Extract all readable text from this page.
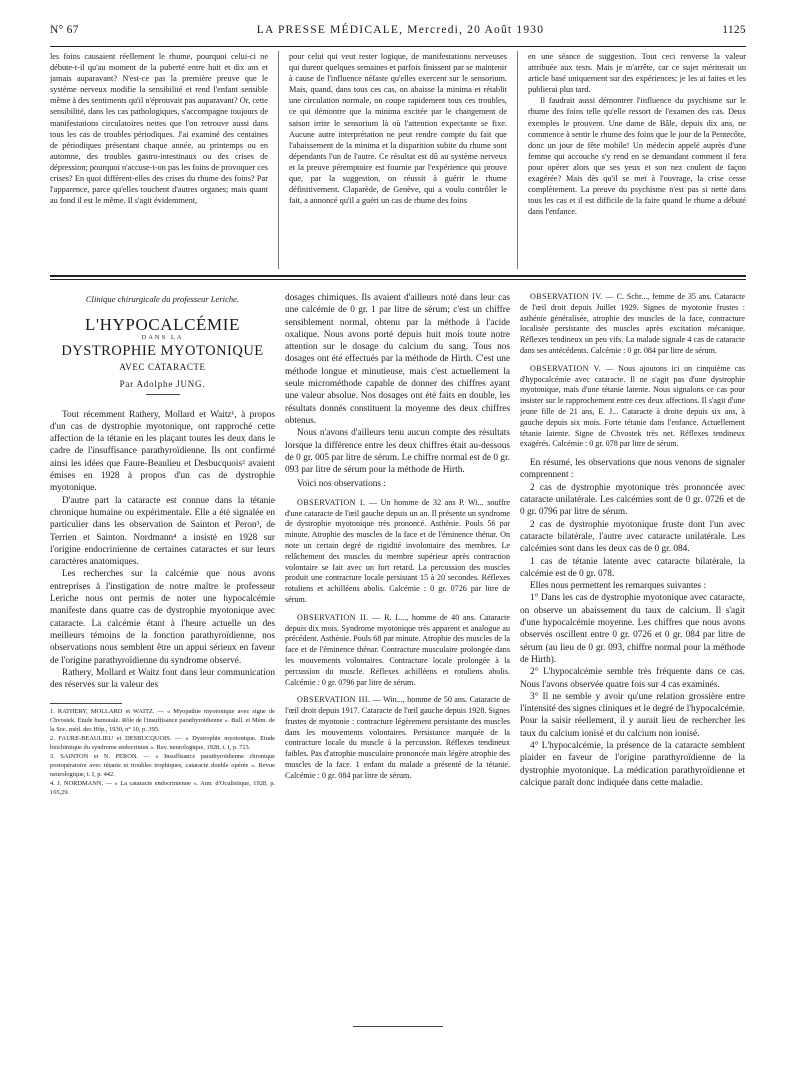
N° 67	LA PRESSE MÉDICALE, Mercredi, 20 Août 1930	1125

les foins causaient réellement le rhume, pourquoi celui-ci ne débute-t-il qu'au moment de la puberté entre huit et dix ans et jamais auparavant? N'est-ce pas la première preuve que le système nerveux modifie la sensibilité et rend l'enfant sensible même à des sentiments qu'il n'éprouvait pas auparavant? Or, cette sensibilité, dans les cas pathologiques, s'accompagne toujours de manifestations circulatoires nettes que l'on retrouve aussi dans tous les cas de troubles périodiques. J'ai examiné des centaines de périodiques présentant chaque année, au printemps ou en automne, des troubles gastro-intestinaux ou des crises de dépression; pourquoi n'accuse-t-on pas les foins de provoquer ces crises? En quoi diffèrent-elles des crises du rhume des foins? Par l'apparence, parce qu'elles touchent d'autres organes; mais quant au fond il est le même. Il s'agit évidemment,

pour celui qui veut rester logique, de manifestations nerveuses qui durent quelques semaines et parfois finissent par se maintenir à cause de l'influence néfaste qu'elles exercent sur le sensorium. Mais, quand, dans tous ces cas, on abaisse la minima et rétablit une circulation normale, on coupe rapidement tous ces troubles, ce qui démontre que la minima excitée par le changement de saison irrite le sensorium là où l'attention expectante se fixe. Aucune autre interprétation ne peut rendre compte du fait que l'abaissement de la minima et la disparition subite du rhume sont dépendants l'un de l'autre. Ce résultat est dû au système nerveux et la preuve péremptoire est fournie par l'expérience qui prouve que, par la suggestion, on réussit à guérir le rhume définitivement. Claparède, de Genève, qui a voulu contrôler le fait, a annoncé qu'il a guéri un cas de rhume des foins

en une séance de suggestion. Tout ceci renverse la valeur attribuée aux tests. Mais je m'arrête, car ce sujet mériterait un article basé uniquement sur des expériences; je les ai faites et les publierai plus tard.

Il faudrait aussi démontrer l'influence du psychisme sur le rhume des foins telle qu'elle ressort de l'examen des cas. Deux exemples le prouvent. Une dame de Bâle, depuis dix ans, ne commence à sentir le rhume des foins que le jour de la Pentecôte, donc un jour de fête mobile! Un médecin appelé auprès d'une femme qui accouche s'y rend en se demandant comment il fera pour opérer alors que ses yeux et son nez coulent de façon exagérée? Mais dès qu'il se met à l'ouvrage, la crise cesse complètement. La preuve du psychisme n'est pas si nette dans tous les cas et il est difficile de la faire quand le rhume a débuté dans l'enfance.

Clinique chirurgicale du professeur Leriche.
L'HYPOCALCÉMIE
DANS LA
DYSTROPHIE MYOTONIQUE
AVEC CATARACTE
Par Adolphe JUNG.

Tout récemment Rathery, Mollard et Waitz¹, à propos d'un cas de dystrophie myotonique, ont rapproché cette affection de la tétanie en les plaçant toutes les deux dans le cadre de l'insuffisance parathyroïdienne. Ils ont confirmé ainsi les idées que Faure-Beaulieu et Desbucquois² avaient émises en 1928 à propos d'un cas de dystrophie myotonique.

D'autre part la cataracte est connue dans la tétanie chronique humaine ou expérimentale. Elle a été signalée en particulier dans les observation de Sainton et Peron³, de Terrien et Sainton. Nordmann⁴ a insisté en 1928 sur l'origine endocrinienne de certaines cataractes et sur leurs caractères anatomiques.

Les recherches sur la calcémie que nous avons entreprises à l'instigation de notre maître le professeur Leriche nous ont permis de noter une hypocalcémie manifeste dans quatre cas de dystrophie myotonique avec cataracte. La calcémie étant à l'heure actuelle un des meilleurs témoins de la fonction parathyroïdienne, nos observations nous semblent être un appui sérieux en faveur de l'origine parathyroïdienne du syndrome observé.

Rathery, Mollard et Waitz font dans leur communication des réserves sur la valeur des

1. RATHERY, MOLLARD et WAITZ. — « Myopathie myotonique avec signe de Chvostek. Etude humorale. Rôle de l'insuffisance parathyroïdienne ». Bull. et Mém. de la Soc. méd. des Hôp., 1930, n° 10, p. 395.

2. FAURE-BEAULIEU et DESBUCQUOIS. — « Dystrophie myotonique. Etude biochimique du syndrome endocrinien ». Rev. neurologique, 1928, t. I, p. 713.

3. SAINTON et N. PERON. — « Insuffisance parathyroïdienne chronique postopératoire avec tétanie et troubles trophiques, cataracte double opérée ». Revue neurologique, t. I, p. 442.

4. J. NORDMANN. — « La cataracte endocrinienne ». Ann. d'Oculistique, 1928, p. 165,29.

dosages chimiques. Ils avaient d'ailleurs noté dans leur cas une calcémie de 0 gr. 1 par litre de sérum; c'est un chiffre sensiblement normal, obtenu par la méthode à l'acide oxalique. Nous avons porté depuis huit mois toute notre attention sur le dosage du calcium du sang. Tous nos dosages ont été effectués par la méthode de Hirth. C'est une méthode longue et minutieuse, mais c'est actuellement la seule microméthode capable de donner des chiffres ayant une valeur absolue. Nos dosages ont été faits en double, les résultats donnés constituent la moyenne des deux chiffres obtenus.

Nous n'avons d'ailleurs tenu aucun compte des résultats lorsque la différence entre les deux chiffres était au-dessous de 0 gr. 005 par litre de sérum. Le chiffre normal est de 0 gr. 093 par litre de sérum pour la méthode de Hirth.

Voici nos observations :

OBSERVATION I. — Un homme de 32 ans P. Wi... souffre d'une cataracte de l'œil gauche depuis un an. Il présente un syndrome de dystrophie myotonique très prononcé. Asthénie. Pouls 56 par minute. Atrophie des muscles de la face et de l'éminence thénar. On note un certain degré de rigidité involontaire des membres. Le relâchement des muscles du membre supérieur après contraction volontaire se fait avec un fort retard. La percussion des muscles produit une contracture locale persistant 15 à 20 secondes. Réflexes rotuliens et achilléens abolis. Calcémie : 0 gr. 0726 par litre de sérum.

OBSERVATION II. — R. L..., homme de 40 ans. Cataracte depuis dix mois. Syndrome myotonique très apparent et analogue au précédent. Asthénie. Pouls 68 par minute. Atrophie des muscles de la face et de l'éminence thénar. Contracture musculaire prolongée dans les mouvements volontaires. Contracture locale prolongée à la percussion du muscle. Réflexes achilléens et rotuliens abolis. Calcémie : 0 gr. 0796 par litre de sérum.

OBSERVATION III. — Win..., homme de 50 ans. Cataracte de l'œil droit depuis 1917. Cataracte de l'œil gauche depuis 1928. Signes frustes de myotonie : contracture légèrement persistante des muscles dans les mouvements volontaires. Persistance marquée de la contracture locale du muscle à la percussion. Réflexes tendineux faibles. Pas d'atrophie musculaire prononcée mais légère atrophie des muscles de la face. 1 enfant du malade a présenté de la tétanie. Calcémie : 0 gr. 084 par litre de sérum.

OBSERVATION IV. — C. Schr..., femme de 35 ans. Cataracte de l'œil droit depuis Juillet 1929. Signes de myotonie frustes : asthénie généralisée, atrophie des muscles de la face, contracture localisée persistante des muscles après excitation mécanique. Réflexes tendineux un peu vifs. La malade signale 4 cas de cataracte dans ses antécédents. Calcémie : 0 gr. 084 par litre de sérum.

OBSERVATION V. — Nous ajoutons ici un cinquième cas d'hypocalcémie avec cataracte. Il ne s'agit pas d'une dystrophie myotonique, mais d'une tétanie latente. Nous signalons ce cas pour insister sur le rapprochement entre ces deux affections. Il s'agit d'une jeune fille de 21 ans, E. J... Cataracte à droite depuis six ans, à gauche depuis six mois. Forte tétanie dans l'enfance. Actuellement tétanie latente. Signe de Chvostek très net. Réflexes tendineux exagérés. Calcémie : 0 gr. 078 par litre de sérum.

En résumé, les observations que nous venons de signaler comprennent :

2 cas de dystrophie myotonique très prononcée avec cataracte unilatérale. Les calcémies sont de 0 gr. 0726 et de 0 gr. 0796 par litre de sérum.

2 cas de dystrophie myotonique fruste dont l'un avec cataracte bilatérale, l'autre avec cataracte unilatérale. Les calcémies sont dans les deux cas de 0 gr. 084.

1 cas de tétanie latente avec cataracte bilatérale, la calcémie est de 0 gr. 078.

Elles nous permettent les remarques suivantes :

1° Dans les cas de dystrophie myotonique avec cataracte, on observe un abaissement du taux de calcium. Il s'agit d'une hypocalcémie moyenne. Les chiffres que nous avons observés oscillent entre 0 gr. 0726 et 0 gr. 084 par litre de sérum (au lieu de 0 gr. 093, chiffre normal pour la méthode de Hirth).

2° L'hypocalcémie semble très fréquente dans ce cas. Nous l'avons observée quatre fois sur 4 cas examinés.

3° Il ne semble y avoir qu'une relation grossière entre l'intensité des signes cliniques et le degré de l'hypocalcémie. Pour la saisir réellement, il y aurait lieu de rechercher les taux du calcium ionisé et du calcium non ionisé.

4° L'hypocalcémie, la présence de la cataracte semblent plaider en faveur de l'origine parathyroïdienne de la dystrophie myotonique. La médication parathyroïdienne et calcique paraît donc indiquée dans cette maladie.
